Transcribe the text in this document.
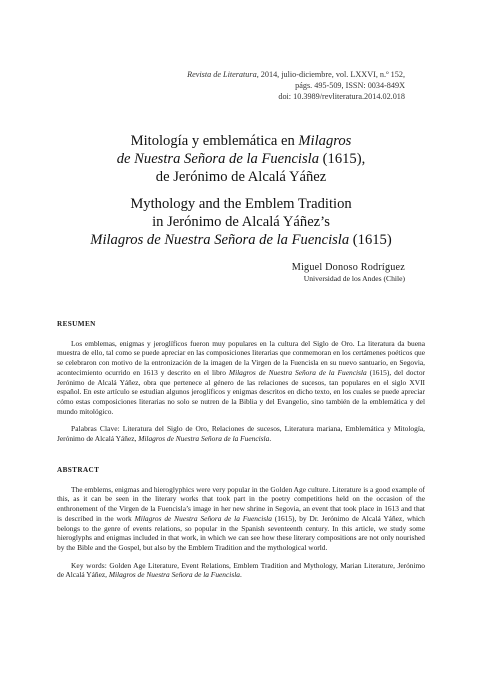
Revista de Literatura, 2014, julio-diciembre, vol. LXXVI, n.º 152,
págs. 495-509, ISSN: 0034-849X
doi: 10.3989/revliteratura.2014.02.018
Mitología y emblemática en Milagros
de Nuestra Señora de la Fuencisla (1615),
de Jerónimo de Alcalá Yáñez
Mythology and the Emblem Tradition
in Jerónimo de Alcalá Yáñez’s
Milagros de Nuestra Señora de la Fuencisla (1615)
Miguel Donoso Rodríguez
Universidad de los Andes (Chile)
RESUMEN

Los emblemas, enigmas y jeroglíficos fueron muy populares en la cultura del Siglo de Oro. La literatura da buena muestra de ello, tal como se puede apreciar en las composiciones literarias que conmemoran en los certámenes poéticos que se celebraron con motivo de la entronización de la imagen de la Virgen de la Fuencisla en su nuevo santuario, en Segovia, acontecimiento ocurrido en 1613 y descrito en el libro Milagros de Nuestra Señora de la Fuencisla (1615), del doctor Jerónimo de Alcalá Yáñez, obra que pertenece al género de las relaciones de sucesos, tan populares en el siglo XVII español. En este artículo se estudian algunos jeroglíficos y enigmas descritos en dicho texto, en los cuales se puede apreciar cómo estas composiciones literarias no solo se nutren de la Biblia y del Evangelio, sino también de la emblemática y del mundo mitológico.

Palabras Clave: Literatura del Siglo de Oro, Relaciones de sucesos, Literatura mariana, Emblemática y Mitología, Jerónimo de Alcalá Yáñez, Milagros de Nuestra Señora de la Fuencisla.

ABSTRACT

The emblems, enigmas and hieroglyphics were very popular in the Golden Age culture. Literature is a good example of this, as it can be seen in the literary works that took part in the poetry competitions held on the occasion of the enthronement of the Virgen de la Fuencisla’s image in her new shrine in Segovia, an event that took place in 1613 and that is described in the work Milagros de Nuestra Señora de la Fuencisla (1615), by Dr. Jerónimo de Alcalá Yáñez, which belongs to the genre of events relations, so popular in the Spanish seventeenth century. In this article, we study some hieroglyphs and enigmas included in that work, in which we can see how these literary compositions are not only nourished by the Bible and the Gospel, but also by the Emblem Tradition and the mythological world.

Key words: Golden Age Literature, Event Relations, Emblem Tradition and Mythology, Marian Literature, Jerónimo de Alcalá Yáñez, Milagros de Nuestra Señora de la Fuencisla.
